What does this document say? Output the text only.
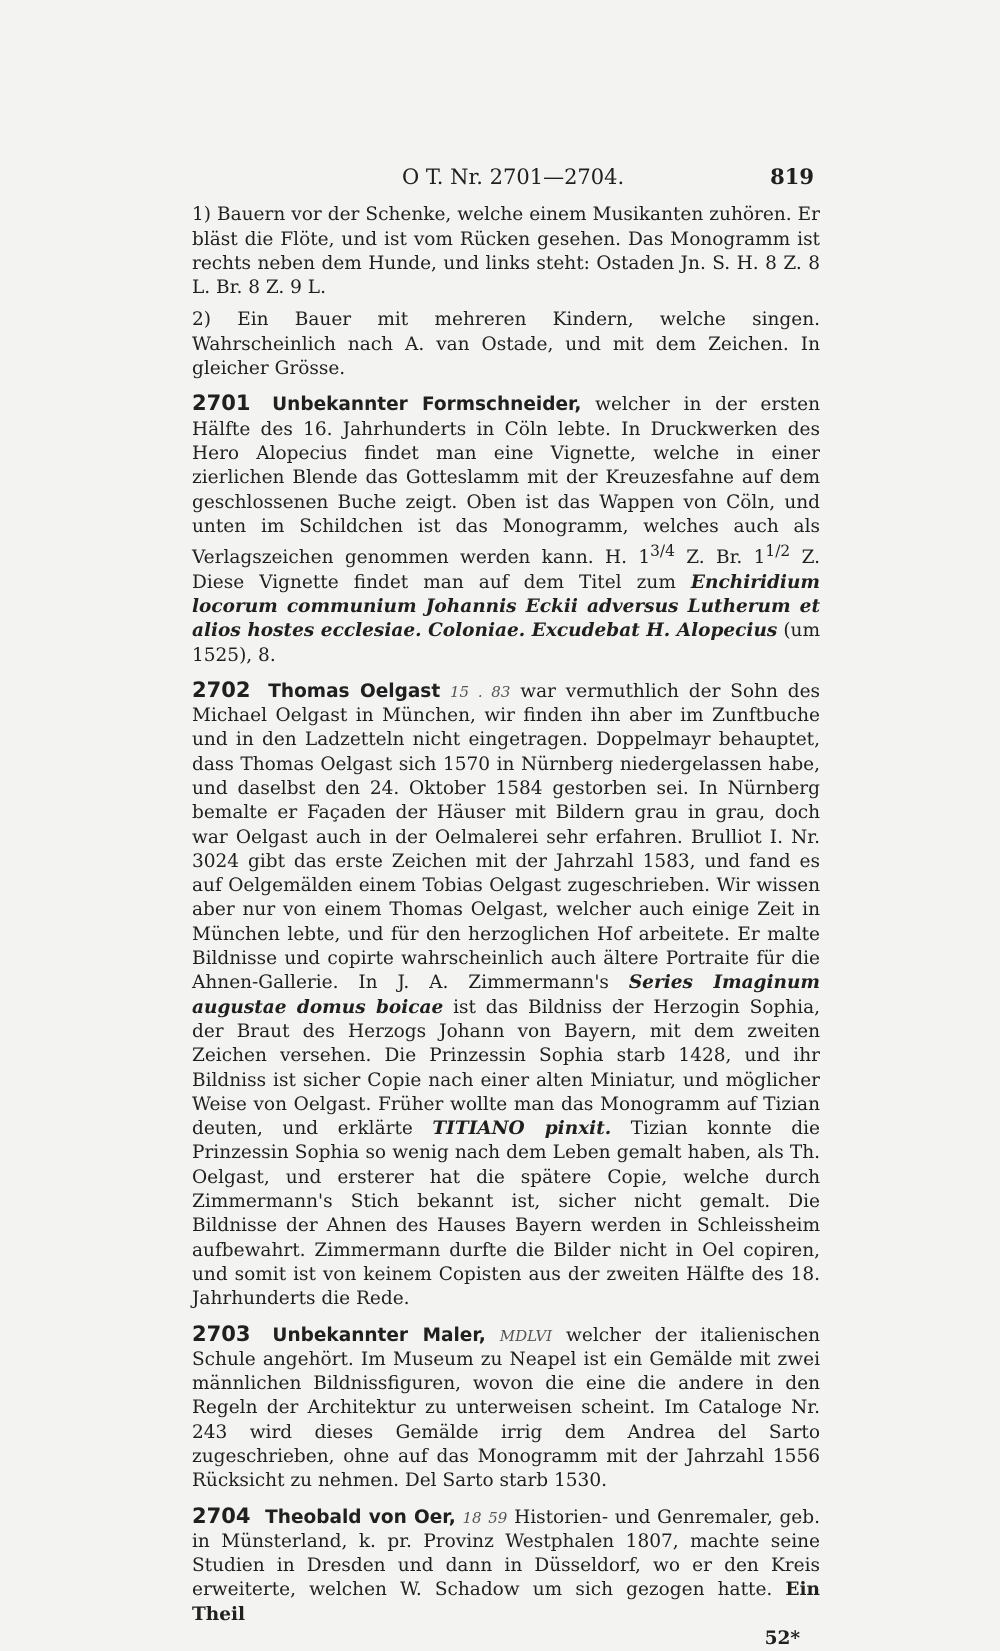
O T. Nr. 2701—2704.	819

1) Bauern vor der Schenke, welche einem Musikanten zuhören. Er bläst die Flöte, und ist vom Rücken gesehen. Das Monogramm ist rechts neben dem Hunde, und links steht: Ostaden Jn. S. H. 8 Z. 8 L. Br. 8 Z. 9 L.

2) Ein Bauer mit mehreren Kindern, welche singen. Wahrscheinlich nach A. van Ostade, und mit dem Zeichen. In gleicher Grösse.

2701 Unbekannter Formschneider, welcher in der ersten Hälfte des 16. Jahrhunderts in Cöln lebte. In Druckwerken des Hero Alopecius findet man eine Vignette, welche in einer zierlichen Blende das Gotteslamm mit der Kreuzesfahne auf dem geschlossenen Buche zeigt. Oben ist das Wappen von Cöln, und unten im Schildchen ist das Monogramm, welches auch als Verlagszeichen genommen werden kann. H. $1^{3/4}$ Z. Br. $1^{1/2}$ Z. Diese Vignette findet man auf dem Titel zum Enchiridium locorum communium Johannis Eckii adversus Lutherum et alios hostes ecclesiae. Coloniae. Excudebat H. Alopecius (um 1525), 8.

2702 Thomas Oelgast 15 . 83 war vermuthlich der Sohn des Michael Oelgast in München, wir finden ihn aber im Zunftbuche und in den Ladzetteln nicht eingetragen. Doppelmayr behauptet, dass Thomas Oelgast sich 1570 in Nürnberg niedergelassen habe, und daselbst den 24. Oktober 1584 gestorben sei. In Nürnberg bemalte er Façaden der Häuser mit Bildern grau in grau, doch war Oelgast auch in der Oelmalerei sehr erfahren. Brulliot I. Nr. 3024 gibt das erste Zeichen mit der Jahrzahl 1583, und fand es auf Oelgemälden einem Tobias Oelgast zugeschrieben. Wir wissen aber nur von einem Thomas Oelgast, welcher auch einige Zeit in München lebte, und für den herzoglichen Hof arbeitete. Er malte Bildnisse und copirte wahrscheinlich auch ältere Portraite für die Ahnen-Gallerie. In J. A. Zimmermann's Series Imaginum augustae domus boicae ist das Bildniss der Herzogin Sophia, der Braut des Herzogs Johann von Bayern, mit dem zweiten Zeichen versehen. Die Prinzessin Sophia starb 1428, und ihr Bildniss ist sicher Copie nach einer alten Miniatur, und möglicher Weise von Oelgast. Früher wollte man das Monogramm auf Tizian deuten, und erklärte TITIANO pinxit. Tizian konnte die Prinzessin Sophia so wenig nach dem Leben gemalt haben, als Th. Oelgast, und ersterer hat die spätere Copie, welche durch Zimmermann's Stich bekannt ist, sicher nicht gemalt. Die Bildnisse der Ahnen des Hauses Bayern werden in Schleissheim aufbewahrt. Zimmermann durfte die Bilder nicht in Oel copiren, und somit ist von keinem Copisten aus der zweiten Hälfte des 18. Jahrhunderts die Rede.

2703 Unbekannter Maler, MDLVI welcher der italienischen Schule angehört. Im Museum zu Neapel ist ein Gemälde mit zwei männlichen Bildnissfiguren, wovon die eine die andere in den Regeln der Architektur zu unterweisen scheint. Im Cataloge Nr. 243 wird dieses Gemälde irrig dem Andrea del Sarto zugeschrieben, ohne auf das Monogramm mit der Jahrzahl 1556 Rücksicht zu nehmen. Del Sarto starb 1530.

2704 Theobald von Oer, 18 59 Historien- und Genremaler, geb. in Münsterland, k. pr. Provinz Westphalen 1807, machte seine Studien in Dresden und dann in Düsseldorf, wo er den Kreis erweiterte, welchen W. Schadow um sich gezogen hatte. Ein Theil

52*
